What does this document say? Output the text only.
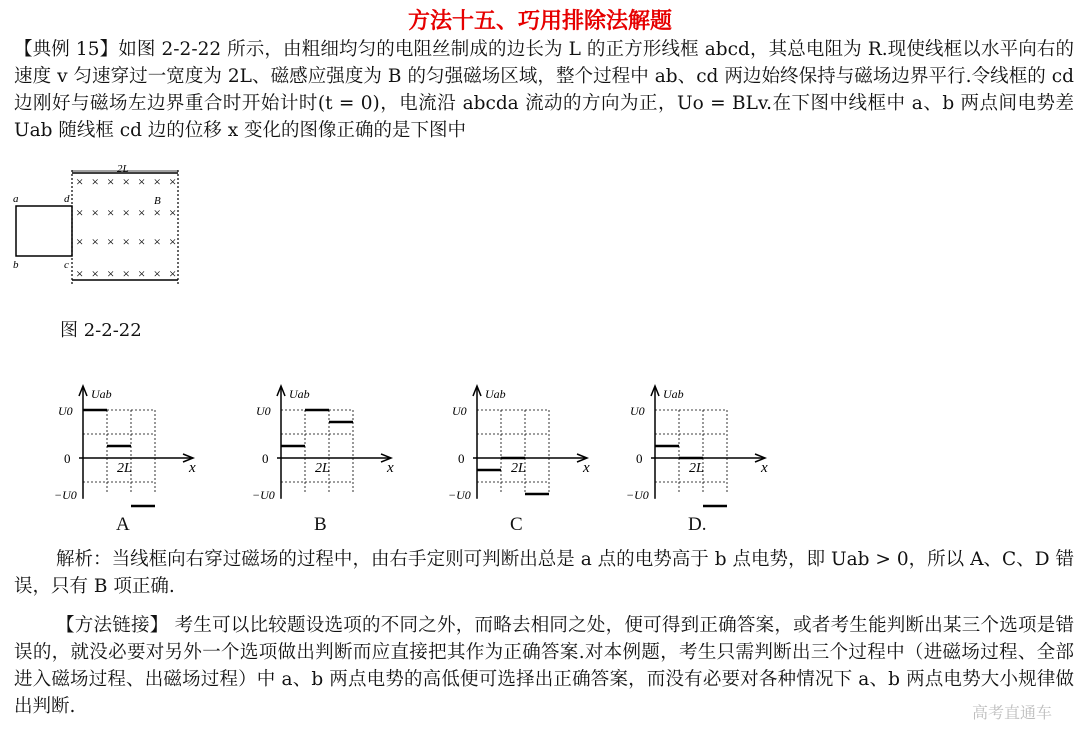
方法十五、巧用排除法解题
【典例 15】如图 2-2-22 所示，由粗细均匀的电阻丝制成的边长为 L 的正方形线框 abcd，其总电阻为 R.现使线框以水平向右的速度 v 匀速穿过一宽度为 2L、磁感应强度为 B 的匀强磁场区域，整个过程中 ab、cd 两边始终保持与磁场边界平行.令线框的 cd 边刚好与磁场左边界重合时开始计时(t = 0)，电流沿 abcda 流动的方向为正，Uo = BLv.在下图中线框中 a、b 两点间电势差 Uab 随线框 cd 边的位移 x 变化的图像正确的是下图中
2L
a	d
b	c
B
× × × × × × ×
× × × × × × ×
× × × × × × ×
× × × × × × ×
图 2-2-22
Uab
U0
0
−U0
x
2L
A
Uab
U0
0
−U0
x
2L
B
Uab
U0
0
−U0
x
2L
C
Uab
U0
0
−U0
x
2L
D.
解析：当线框向右穿过磁场的过程中，由右手定则可判断出总是 a 点的电势高于 b 点电势，即 Uab > 0，所以 A、C、D 错误，只有 B 项正确.
【方法链接】 考生可以比较题设选项的不同之外，而略去相同之处，便可得到正确答案，或者考生能判断出某三个选项是错误的，就没必要对另外一个选项做出判断而应直接把其作为正确答案.对本例题，考生只需判断出三个过程中（进磁场过程、全部进入磁场过程、出磁场过程）中 a、b 两点电势的高低便可选择出正确答案，而没有必要对各种情况下 a、b 两点电势大小规律做出判断.	高考直通车
